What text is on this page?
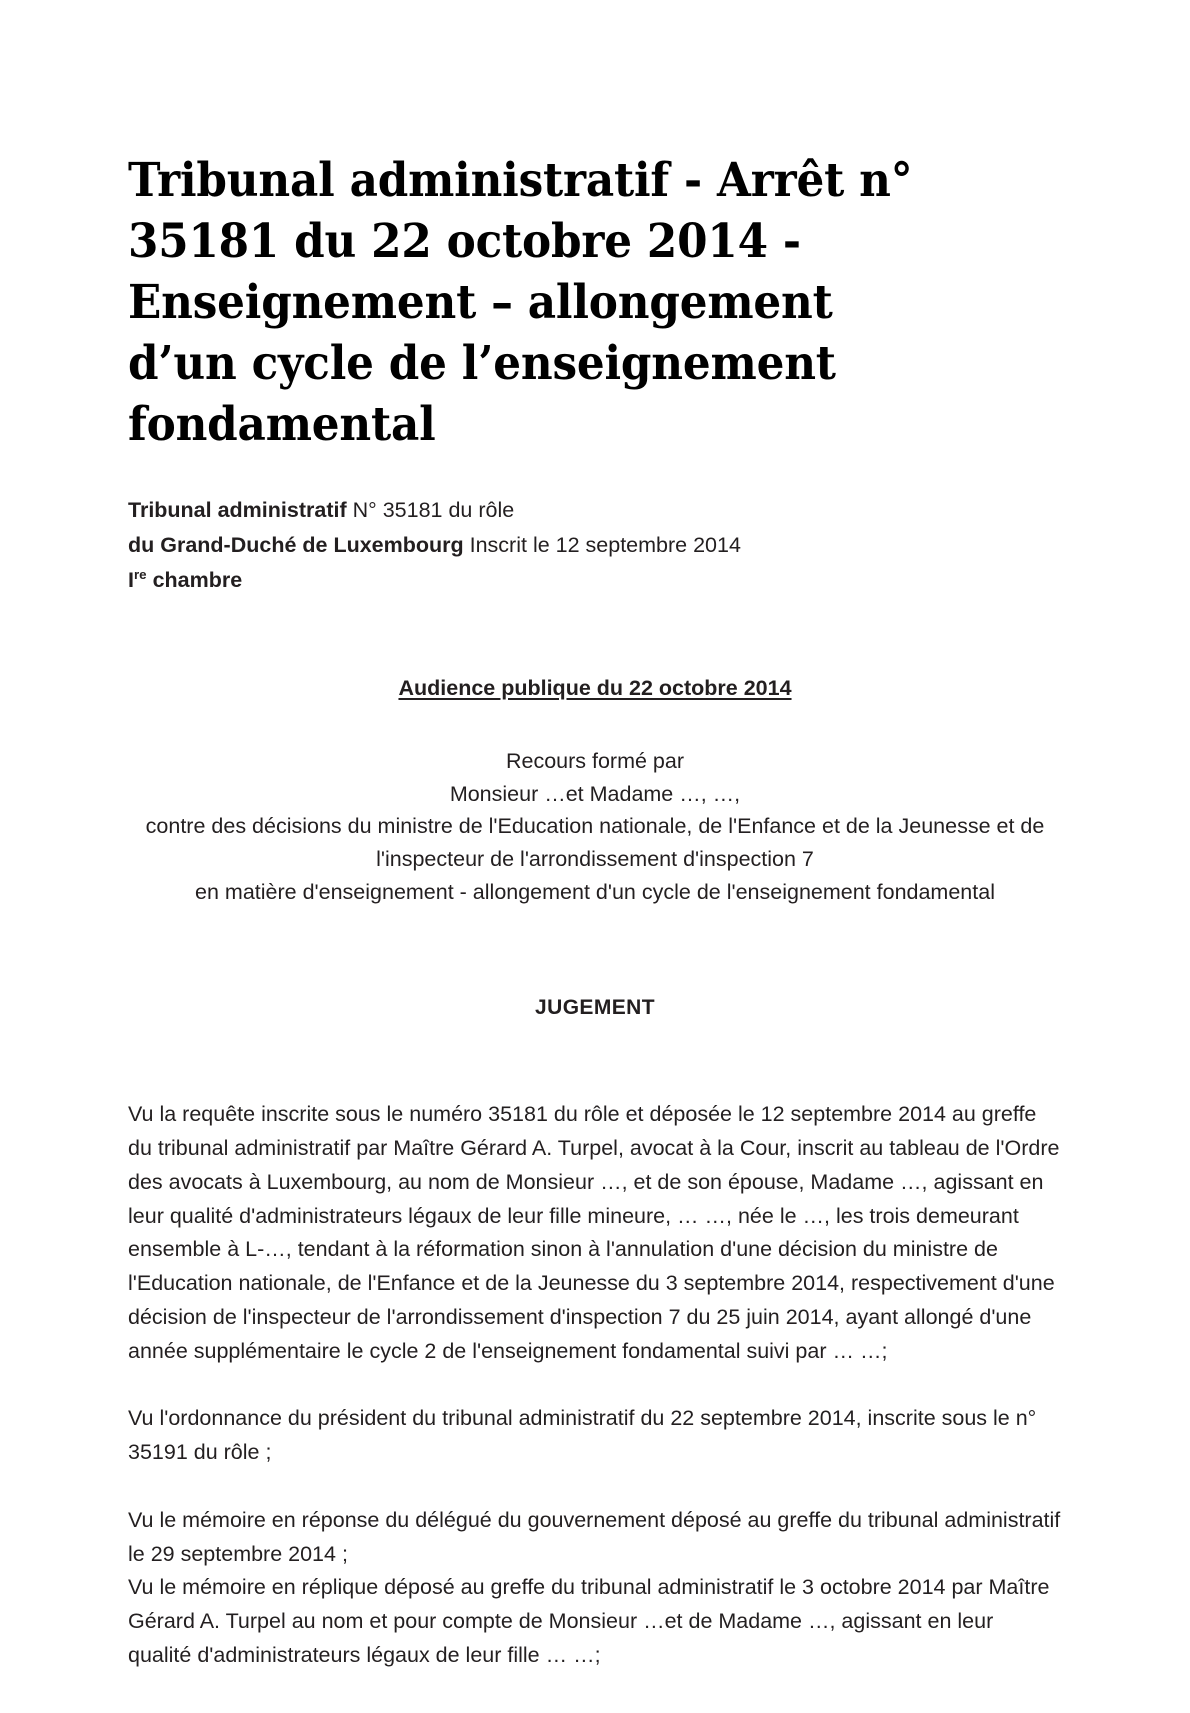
Tribunal administratif - Arrêt n° 35181 du 22 octobre 2014 - Enseignement – allongement d’un cycle de l’enseignement fondamental
Tribunal administratif N° 35181 du rôle
du Grand-Duché de Luxembourg Inscrit le 12 septembre 2014
Ire chambre
Audience publique du 22 octobre 2014
Recours formé par
Monsieur …et Madame …, …,
contre des décisions du ministre de l'Education nationale, de l'Enfance et de la Jeunesse et de l'inspecteur de l'arrondissement d'inspection 7
en matière d'enseignement - allongement d'un cycle de l'enseignement fondamental
JUGEMENT

Vu la requête inscrite sous le numéro 35181 du rôle et déposée le 12 septembre 2014 au greffe du tribunal administratif par Maître Gérard A. Turpel, avocat à la Cour, inscrit au tableau de l'Ordre des avocats à Luxembourg, au nom de Monsieur …, et de son épouse, Madame …, agissant en leur qualité d'administrateurs légaux de leur fille mineure, … …, née le …, les trois demeurant ensemble à L-…, tendant à la réformation sinon à l'annulation d'une décision du ministre de l'Education nationale, de l'Enfance et de la Jeunesse du 3 septembre 2014, respectivement d'une décision de l'inspecteur de l'arrondissement d'inspection 7 du 25 juin 2014, ayant allongé d'une année supplémentaire le cycle 2 de l'enseignement fondamental suivi par … …;

Vu l'ordonnance du président du tribunal administratif du 22 septembre 2014, inscrite sous le n° 35191 du rôle ;

Vu le mémoire en réponse du délégué du gouvernement déposé au greffe du tribunal administratif le 29 septembre 2014 ;

Vu le mémoire en réplique déposé au greffe du tribunal administratif le 3 octobre 2014 par Maître Gérard A. Turpel au nom et pour compte de Monsieur …et de Madame …, agissant en leur qualité d'administrateurs légaux de leur fille … …;
